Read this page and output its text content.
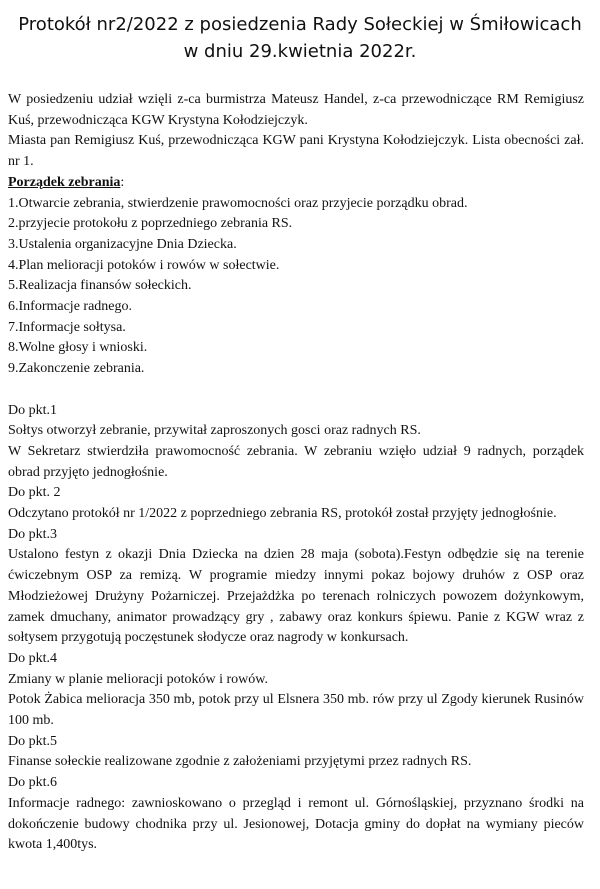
Protokół nr2/2022 z posiedzenia Rady Sołeckiej w Śmiłowicach
w dniu 29.kwietnia 2022r.

W posiedzeniu udział wzięli z-ca burmistrza Mateusz Handel, z-ca przewodniczące RM Remigiusz Kuś, przewodnicząca KGW Krystyna Kołodziejczyk.

Miasta pan Remigiusz Kuś, przewodnicząca KGW pani Krystyna Kołodziejczyk. Lista obecności zał. nr 1.

Porządek zebrania:

1.Otwarcie zebrania, stwierdzenie prawomocności oraz przyjecie porządku obrad.

2.przyjecie protokołu z poprzedniego zebrania RS.

3.Ustalenia organizacyjne Dnia Dziecka.

4.Plan melioracji potoków i rowów w sołectwie.

5.Realizacja finansów sołeckich.

6.Informacje radnego.

7.Informacje sołtysa.

8.Wolne głosy i wnioski.

9.Zakonczenie zebrania.

Do pkt.1

Sołtys otworzył zebranie, przywitał zaproszonych gosci oraz radnych RS.

W Sekretarz stwierdziła prawomocność zebrania. W zebraniu wzięło udział 9 radnych, porządek obrad przyjęto jednogłośnie.

Do pkt. 2

Odczytano protokół nr 1/2022 z poprzedniego zebrania RS, protokół został przyjęty jednogłośnie.

Do pkt.3

Ustalono festyn z okazji Dnia Dziecka na dzien 28 maja (sobota).Festyn odbędzie się na terenie ćwiczebnym OSP za remizą. W programie miedzy innymi pokaz bojowy druhów z OSP oraz Młodzieżowej Drużyny Pożarniczej. Przejażdżka po terenach rolniczych powozem dożynkowym, zamek dmuchany, animator prowadzący gry , zabawy oraz konkurs śpiewu. Panie z KGW wraz z sołtysem przygotują poczęstunek słodycze oraz nagrody w konkursach.

Do pkt.4

Zmiany w planie melioracji potoków i rowów.

Potok Żabica melioracja 350 mb, potok przy ul Elsnera 350 mb. rów przy ul Zgody kierunek Rusinów 100 mb.

Do pkt.5

Finanse sołeckie realizowane zgodnie z założeniami przyjętymi przez radnych RS.

Do pkt.6

Informacje radnego: zawnioskowano o przegląd i remont ul. Górnośląskiej, przyznano środki na dokończenie budowy chodnika przy ul. Jesionowej, Dotacja gminy do dopłat na wymiany pieców kwota 1,400tys.
